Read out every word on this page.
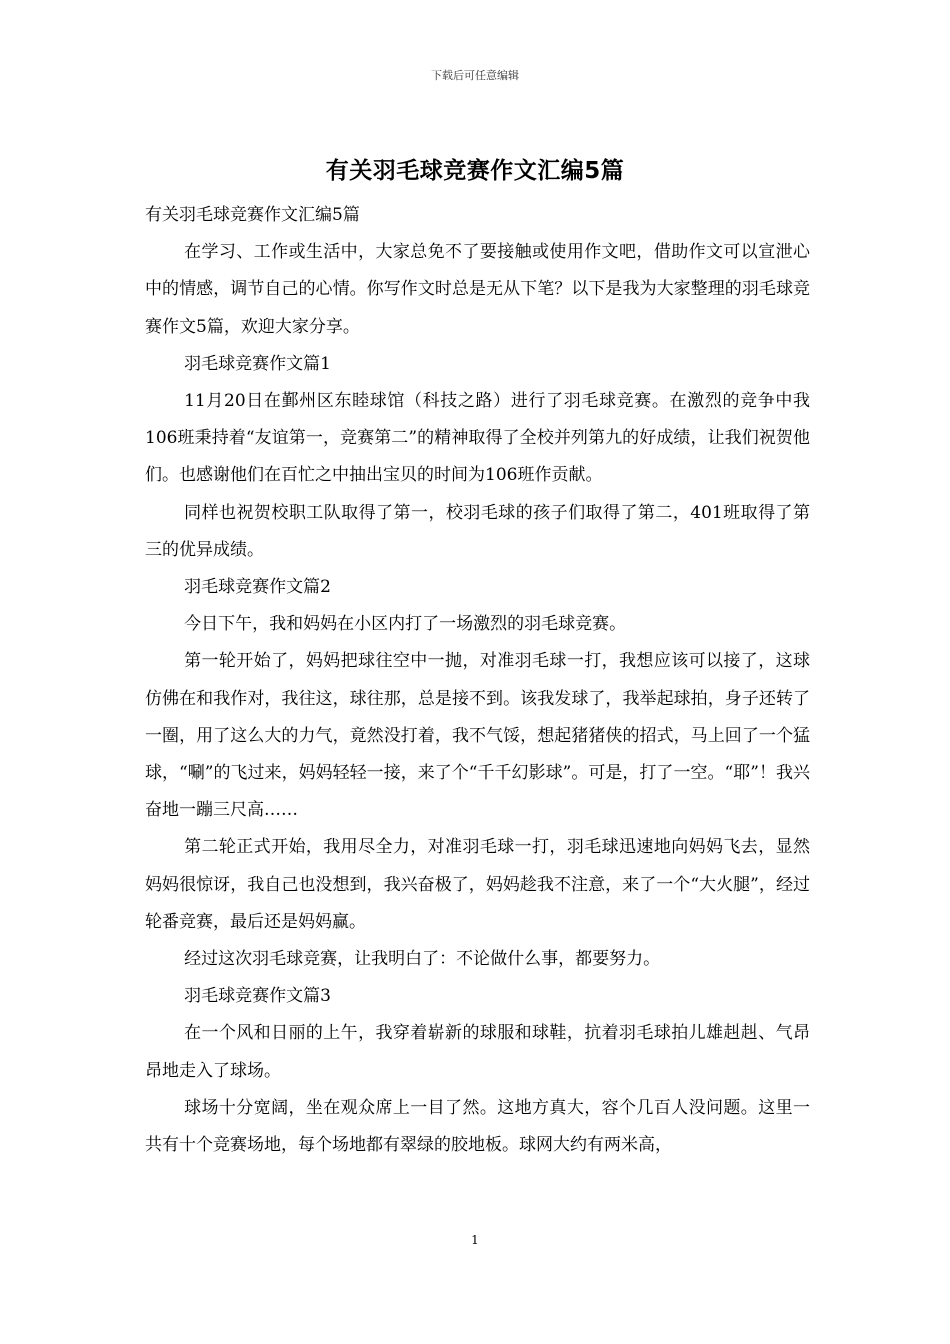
下载后可任意编辑
有关羽毛球竞赛作文汇编5篇

有关羽毛球竞赛作文汇编5篇

在学习、工作或生活中，大家总免不了要接触或使用作文吧，借助作文可以宣泄心中的情感，调节自己的心情。你写作文时总是无从下笔？以下是我为大家整理的羽毛球竞赛作文5篇，欢迎大家分享。

羽毛球竞赛作文篇1

11月20日在鄞州区东睦球馆（科技之路）进行了羽毛球竞赛。在激烈的竞争中我106班秉持着“友谊第一，竞赛第二”的精神取得了全校并列第九的好成绩，让我们祝贺他们。也感谢他们在百忙之中抽出宝贝的时间为106班作贡献。

同样也祝贺校职工队取得了第一，校羽毛球的孩子们取得了第二，401班取得了第三的优异成绩。

羽毛球竞赛作文篇2

今日下午，我和妈妈在小区内打了一场激烈的羽毛球竞赛。

第一轮开始了，妈妈把球往空中一抛，对准羽毛球一打，我想应该可以接了，这球仿佛在和我作对，我往这，球往那，总是接不到。该我发球了，我举起球拍，身子还转了一圈，用了这么大的力气，竟然没打着，我不气馁，想起猪猪侠的招式，马上回了一个猛球，“唰”的飞过来，妈妈轻轻一接，来了个“千千幻影球”。可是，打了一空。“耶”！我兴奋地一蹦三尺高……

第二轮正式开始，我用尽全力，对准羽毛球一打，羽毛球迅速地向妈妈飞去，显然妈妈很惊讶，我自己也没想到，我兴奋极了，妈妈趁我不注意，来了一个“大火腿”，经过轮番竞赛，最后还是妈妈赢。

经过这次羽毛球竞赛，让我明白了：不论做什么事，都要努力。

羽毛球竞赛作文篇3

在一个风和日丽的上午，我穿着崭新的球服和球鞋，抗着羽毛球拍儿雄赳赳、气昂昂地走入了球场。

球场十分宽阔，坐在观众席上一目了然。这地方真大，容个几百人没问题。这里一共有十个竞赛场地，每个场地都有翠绿的胶地板。球网大约有两米高，

1
